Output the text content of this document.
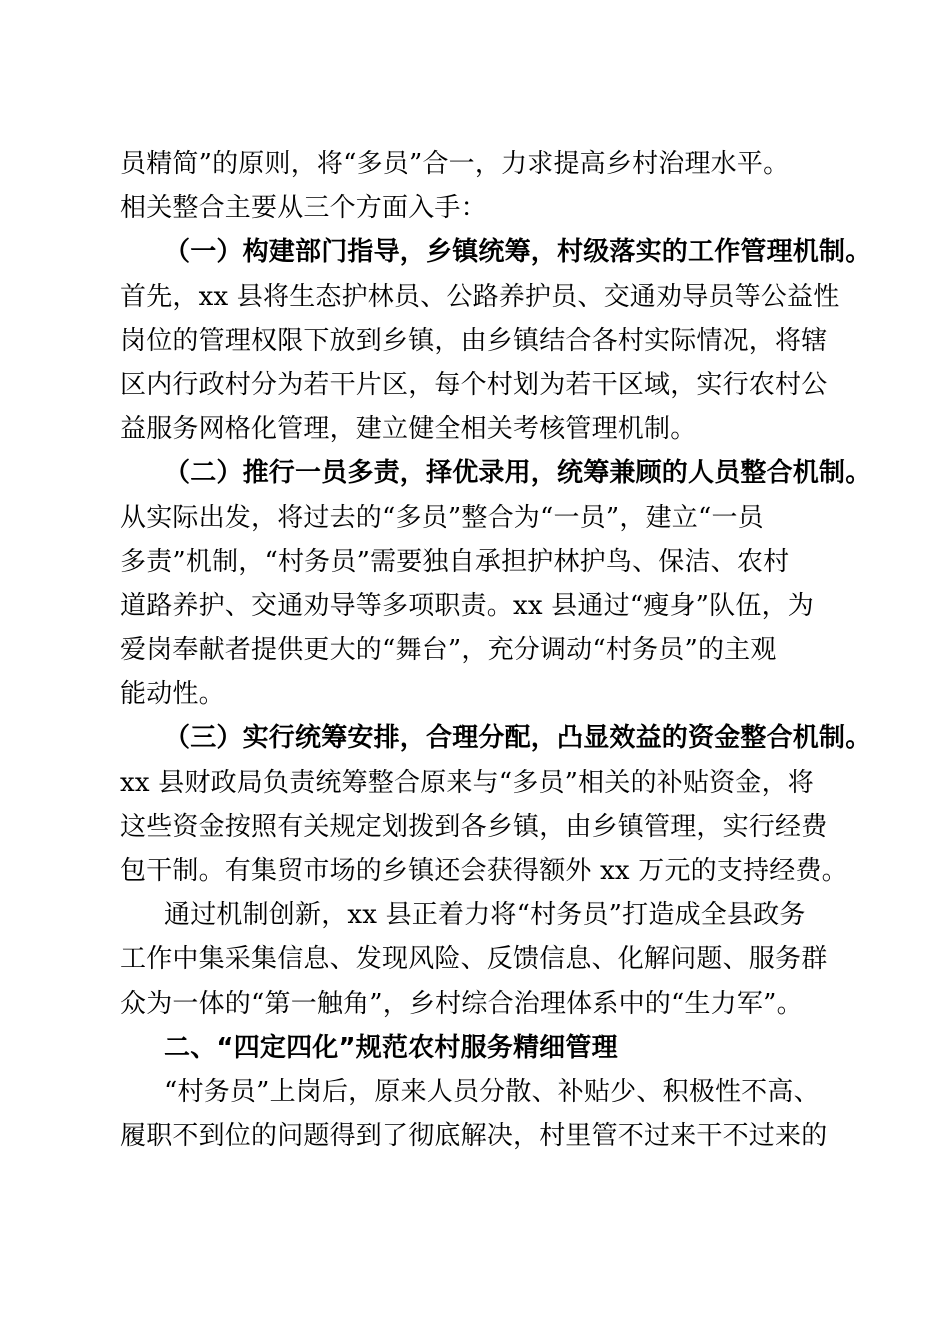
员精简”的原则，将“多员”合一，力求提高乡村治理水平。
相关整合主要从三个方面入手：
（一）构建部门指导，乡镇统筹，村级落实的工作管理机制。
首先，xx 县将生态护林员、公路养护员、交通劝导员等公益性
岗位的管理权限下放到乡镇，由乡镇结合各村实际情况，将辖
区内行政村分为若干片区，每个村划为若干区域，实行农村公
益服务网格化管理，建立健全相关考核管理机制。
（二）推行一员多责，择优录用，统筹兼顾的人员整合机制。
从实际出发，将过去的“多员”整合为“一员”，建立“一员
多责”机制，“村务员”需要独自承担护林护鸟、保洁、农村
道路养护、交通劝导等多项职责。xx 县通过“瘦身”队伍，为
爱岗奉献者提供更大的“舞台”，充分调动“村务员”的主观
能动性。
（三）实行统筹安排，合理分配，凸显效益的资金整合机制。
xx 县财政局负责统筹整合原来与“多员”相关的补贴资金，将
这些资金按照有关规定划拨到各乡镇，由乡镇管理，实行经费
包干制。有集贸市场的乡镇还会获得额外 xx 万元的支持经费。
通过机制创新，xx 县正着力将“村务员”打造成全县政务
工作中集采集信息、发现风险、反馈信息、化解问题、服务群
众为一体的“第一触角”，乡村综合治理体系中的“生力军”。
二、“四定四化”规范农村服务精细管理
“村务员”上岗后，原来人员分散、补贴少、积极性不高、
履职不到位的问题得到了彻底解决，村里管不过来干不过来的
